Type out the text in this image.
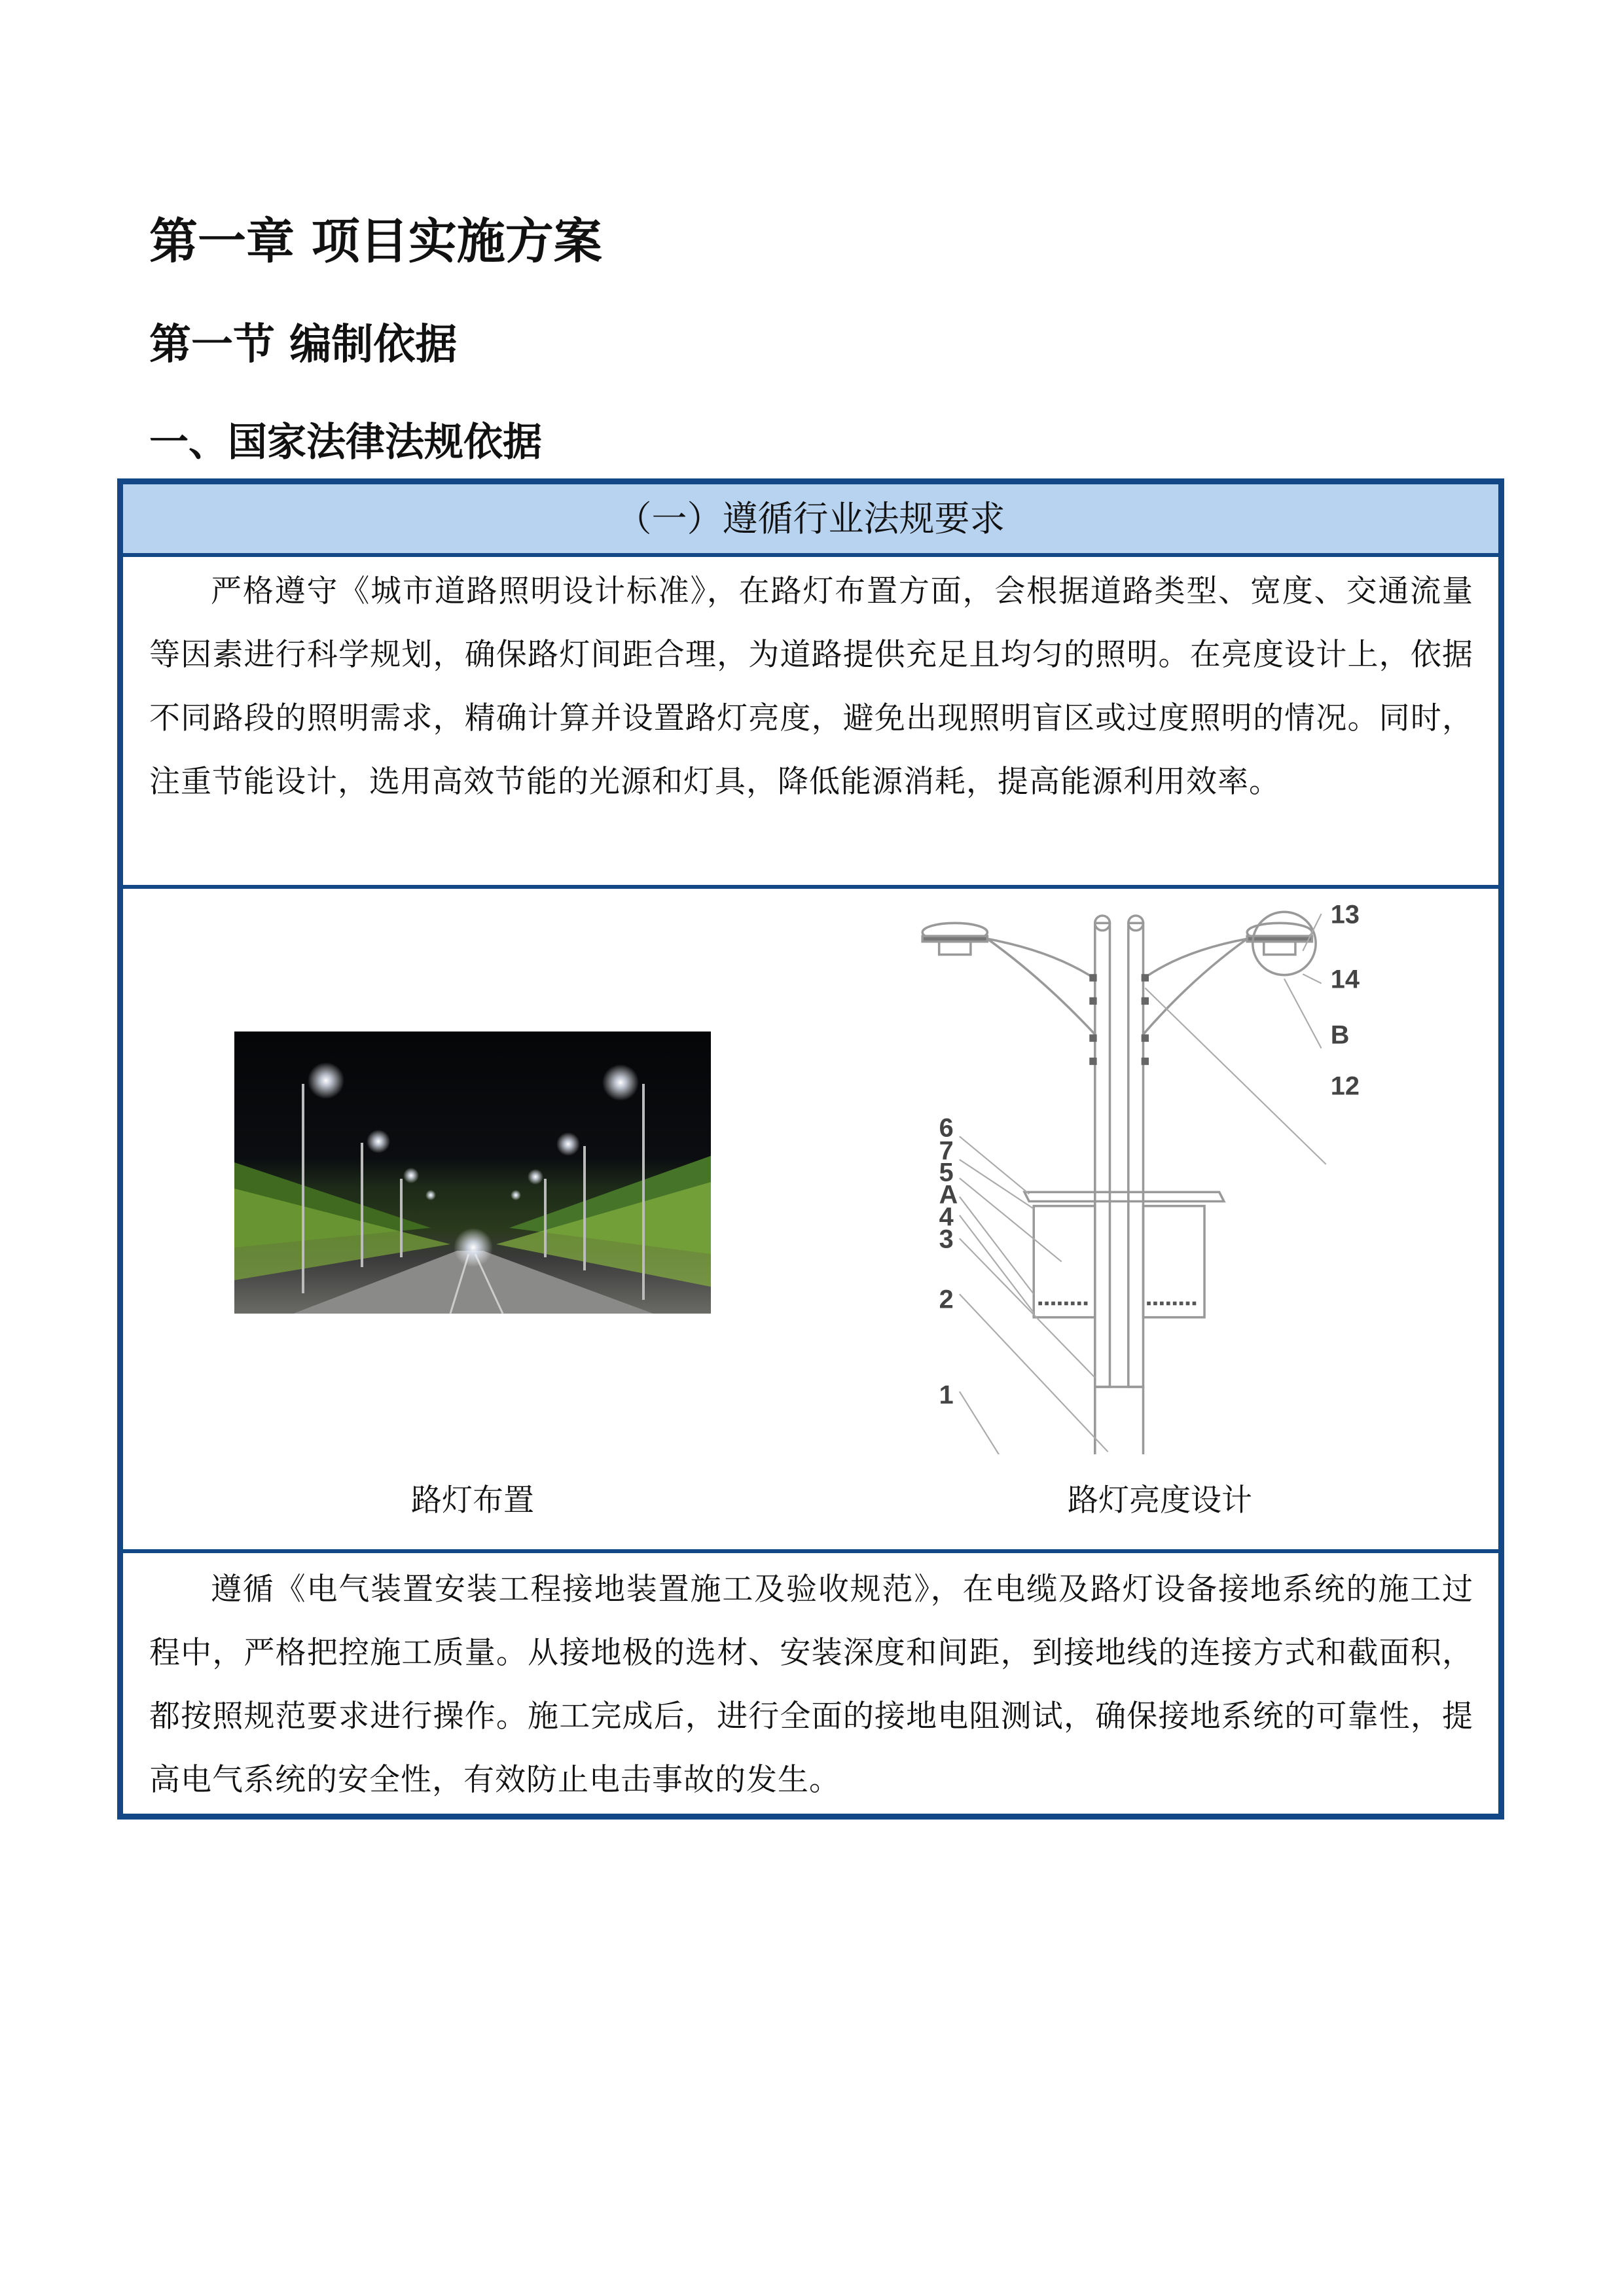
第一章 项目实施方案
第一节 编制依据
一、国家法律法规依据
（一）遵循行业法规要求
严格遵守《城市道路照明设计标准》，在路灯布置方面，会根据道路类型、宽度、交通流量等因素进行科学规划，确保路灯间距合理，为道路提供充足且均匀的照明。在亮度设计上，依据不同路段的照明需求，精确计算并设置路灯亮度，避免出现照明盲区或过度照明的情况。同时，注重节能设计，选用高效节能的光源和灯具，降低能源消耗，提高能源利用效率。
13
14
B
12
6
7
5
A
4
3
2
1
路灯布置	路灯亮度设计
遵循《电气装置安装工程接地装置施工及验收规范》，在电缆及路灯设备接地系统的施工过程中，严格把控施工质量。从接地极的选材、安装深度和间距，到接地线的连接方式和截面积，都按照规范要求进行操作。施工完成后，进行全面的接地电阻测试，确保接地系统的可靠性，提高电气系统的安全性，有效防止电击事故的发生。
